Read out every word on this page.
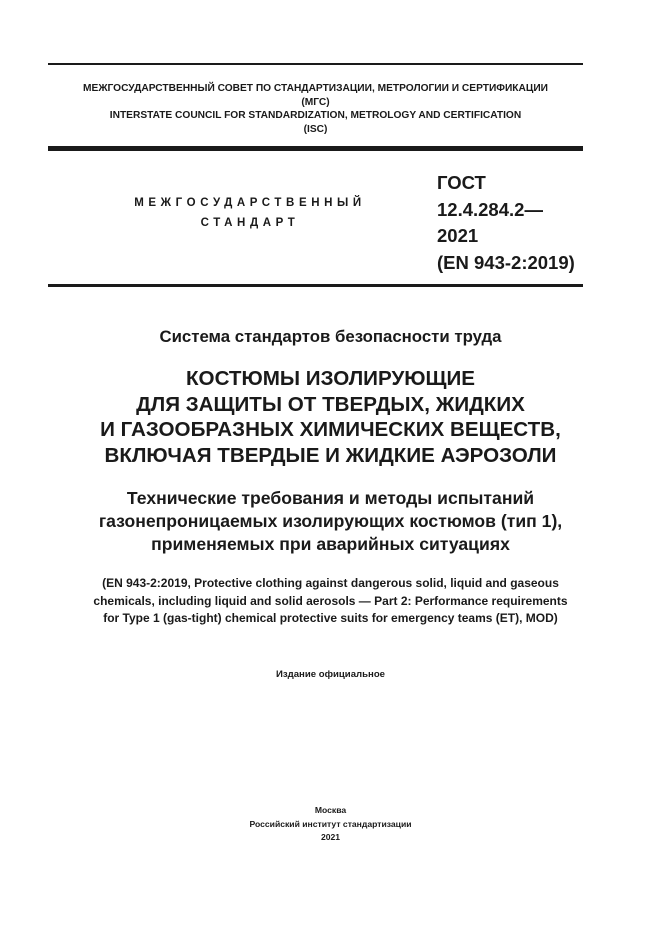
МЕЖГОСУДАРСТВЕННЫЙ СОВЕТ ПО СТАНДАРТИЗАЦИИ, МЕТРОЛОГИИ И СЕРТИФИКАЦИИ
(МГС)
INTERSTATE COUNCIL FOR STANDARDIZATION, METROLOGY AND CERTIFICATION
(ISC)
МЕЖГОСУДАРСТВЕННЫЙ
СТАНДАРТ
ГОСТ
12.4.284.2—
2021
(EN 943-2:2019)
Система стандартов безопасности труда
КОСТЮМЫ ИЗОЛИРУЮЩИЕ
ДЛЯ ЗАЩИТЫ ОТ ТВЕРДЫХ, ЖИДКИХ
И ГАЗООБРАЗНЫХ ХИМИЧЕСКИХ ВЕЩЕСТВ,
ВКЛЮЧАЯ ТВЕРДЫЕ И ЖИДКИЕ АЭРОЗОЛИ
Технические требования и методы испытаний
газонепроницаемых изолирующих костюмов (тип 1),
применяемых при аварийных ситуациях
(EN 943-2:2019, Protective clothing against dangerous solid, liquid and gaseous
chemicals, including liquid and solid aerosols — Part 2: Performance requirements
for Type 1 (gas-tight) chemical protective suits for emergency teams (ET), MOD)
Издание официальное
Москва
Российский институт стандартизации
2021
